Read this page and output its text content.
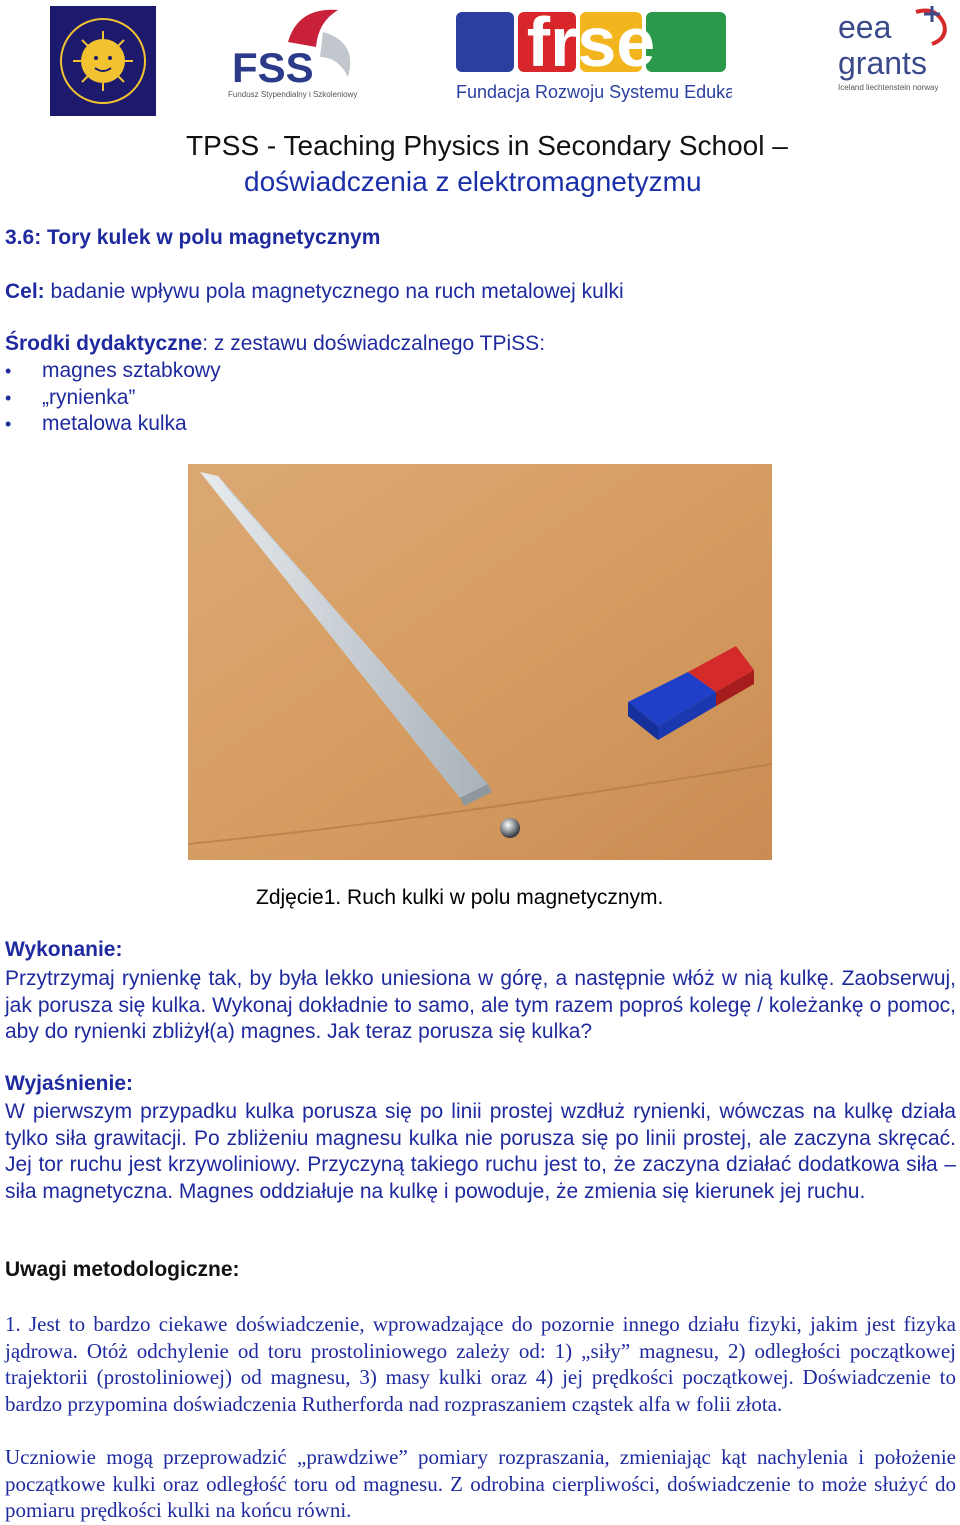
FSS
Fundusz Stypendialny i Szkoleniowy
frse
Fundacja Rozwoju Systemu Edukacji
eea
grants
Iceland liechtenstein norway
TPSS - Teaching Physics in Secondary School –
doświadczenia z elektromagnetyzmu
3.6: Tory kulek w polu magnetycznym
Cel: badanie wpływu pola magnetycznego na ruch metalowej kulki
Środki dydaktyczne: z zestawu doświadczalnego TPiSS:
• magnes sztabkowy
• „rynienka”
• metalowa kulka
Zdjęcie1. Ruch kulki w polu magnetycznym.
Wykonanie:
Przytrzymaj rynienkę tak, by była lekko uniesiona w górę, a następnie włóż w nią kulkę. Zaobserwuj, jak porusza się kulka. Wykonaj dokładnie to samo, ale tym razem poproś kolegę / koleżankę o pomoc, aby do rynienki zbliżył(a) magnes. Jak teraz porusza się kulka?
Wyjaśnienie:
W pierwszym przypadku kulka porusza się po linii prostej wzdłuż rynienki, wówczas na kulkę działa tylko siła grawitacji. Po zbliżeniu magnesu kulka nie porusza się po linii prostej, ale zaczyna skręcać. Jej tor ruchu jest krzywoliniowy. Przyczyną takiego ruchu jest to, że zaczyna działać dodatkowa siła – siła magnetyczna. Magnes oddziałuje na kulkę i powoduje, że zmienia się kierunek jej ruchu.
Uwagi metodologiczne:
1. Jest to bardzo ciekawe doświadczenie, wprowadzające do pozornie innego działu fizyki, jakim jest fizyka jądrowa. Otóż odchylenie od toru prostoliniowego zależy od: 1) „siły” magnesu, 2) odległości początkowej trajektorii (prostoliniowej) od magnesu, 3) masy kulki oraz 4) jej prędkości początkowej. Doświadczenie to bardzo przypomina doświadczenia Rutherforda nad rozpraszaniem cząstek alfa w folii złota.
Uczniowie mogą przeprowadzić „prawdziwe” pomiary rozpraszania, zmieniając kąt nachylenia i położenie początkowe kulki oraz odległość toru od magnesu. Z odrobina cierpliwości, doświadczenie to może służyć do pomiaru prędkości kulki na końcu równi.
